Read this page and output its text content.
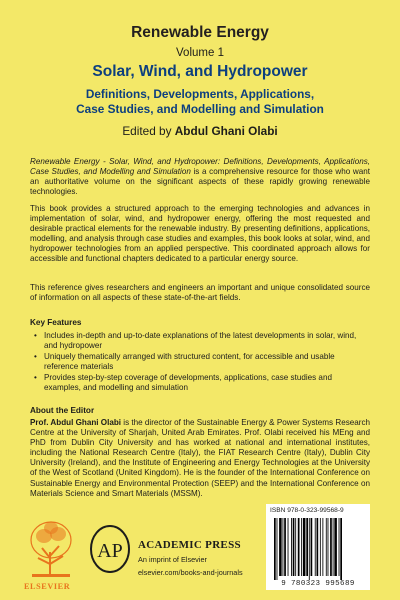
Renewable Energy
Volume 1
Solar, Wind, and Hydropower
Definitions, Developments, Applications,
Case Studies, and Modelling and Simulation
Edited by Abdul Ghani Olabi
Renewable Energy - Solar, Wind, and Hydropower: Definitions, Developments, Applications, Case Studies, and Modelling and Simulation is a comprehensive resource for those who want an authoritative volume on the significant aspects of these rapidly growing renewable technologies.
This book provides a structured approach to the emerging technologies and advances in implementation of solar, wind, and hydropower energy, offering the most requested and desirable practical elements for the renewable industry. By presenting definitions, applications, modelling, and analysis through case studies and examples, this book looks at solar, wind, and hydropower technologies from an applied perspective. This coordinated approach allows for accessible and functional chapters dedicated to a particular energy source.
This reference gives researchers and engineers an important and unique consolidated source of information on all aspects of these state-of-the-art fields.
Key Features
• Includes in-depth and up-to-date explanations of the latest developments in solar, wind, and hydropower
• Uniquely thematically arranged with structured content, for accessible and usable reference materials
• Provides step-by-step coverage of developments, applications, case studies and examples, and modelling and simulation
About the Editor
Prof. Abdul Ghani Olabi is the director of the Sustainable Energy & Power Systems Research Centre at the University of Sharjah, United Arab Emirates. Prof. Olabi received his MEng and PhD from Dublin City University and has worked at national and international institutes, including the National Research Centre (Italy), the FIAT Research Centre (Italy), Dublin City University (Ireland), and the Institute of Engineering and Energy Technologies at the University of the West of Scotland (United Kingdom). He is the founder of the International Conference on Sustainable Energy and Environmental Protection (SEEP) and the International Conference on Materials Science and Smart Materials (MSSM).
ELSEVIER
AP ACADEMIC PRESS
An imprint of Elsevier
elsevier.com/books-and-journals
ISBN 978-0-323-99568-9
9 780323 995689
